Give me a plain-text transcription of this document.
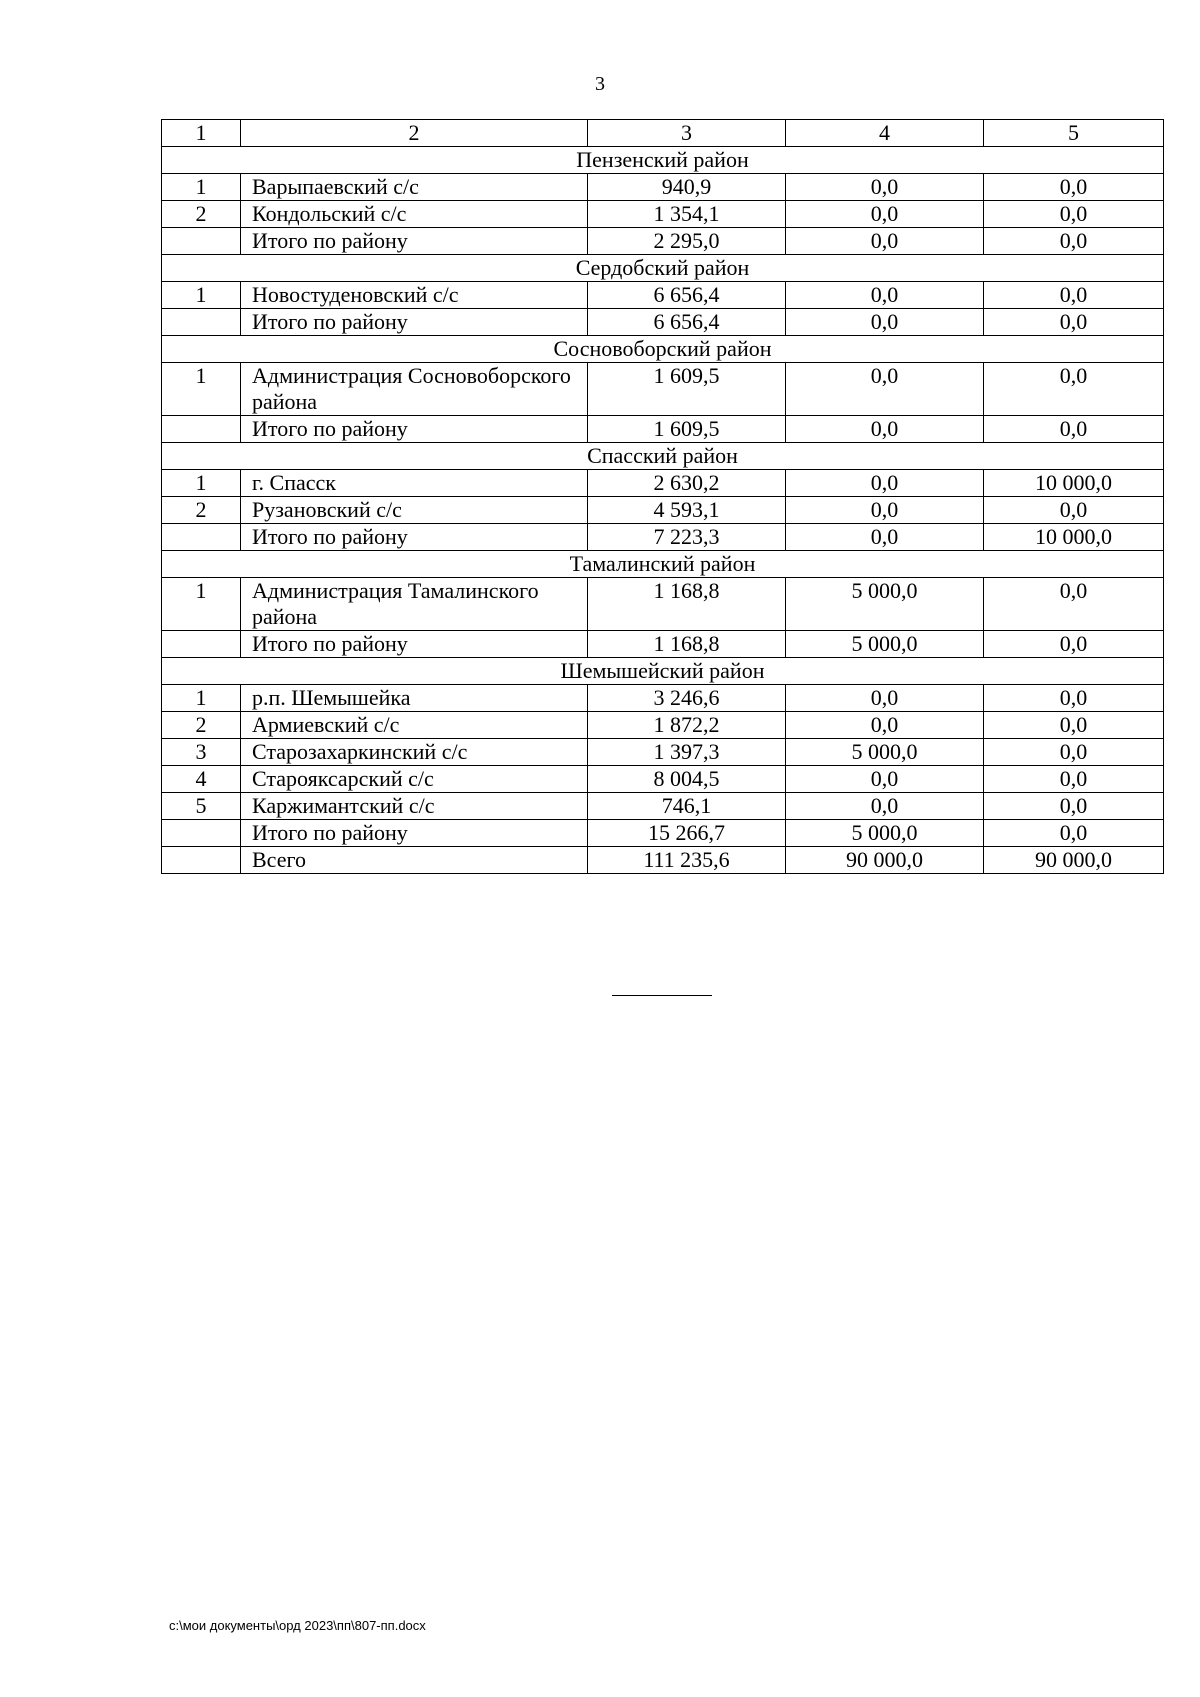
3
1	2	3	4	5
Пензенский район				
1	Варыпаевский с/с	940,9	0,0	0,0
2	Кондольский с/с	1 354,1	0,0	0,0
	Итого по району	2 295,0	0,0	0,0
Сердобский район				
1	Новостуденовский с/с	6 656,4	0,0	0,0
	Итого по району	6 656,4	0,0	0,0
Сосновоборский район				
1	Администрация Сосновоборского района	1 609,5	0,0	0,0
	Итого по району	1 609,5	0,0	0,0
Спасский район				
1	г. Спасск	2 630,2	0,0	10 000,0
2	Рузановский с/с	4 593,1	0,0	0,0
	Итого по району	7 223,3	0,0	10 000,0
Тамалинский район				
1	Администрация Тамалинского района	1 168,8	5 000,0	0,0
	Итого по району	1 168,8	5 000,0	0,0
Шемышейский район				
1	р.п. Шемышейка	3 246,6	0,0	0,0
2	Армиевский с/с	1 872,2	0,0	0,0
3	Старозахаркинский с/с	1 397,3	5 000,0	0,0
4	Старояксарский с/с	8 004,5	0,0	0,0
5	Каржимантский с/с	746,1	0,0	0,0
	Итого по району	15 266,7	5 000,0	0,0
	Всего	111 235,6	90 000,0	90 000,0
c:\мои документы\орд 2023\пп\807-пп.docx
